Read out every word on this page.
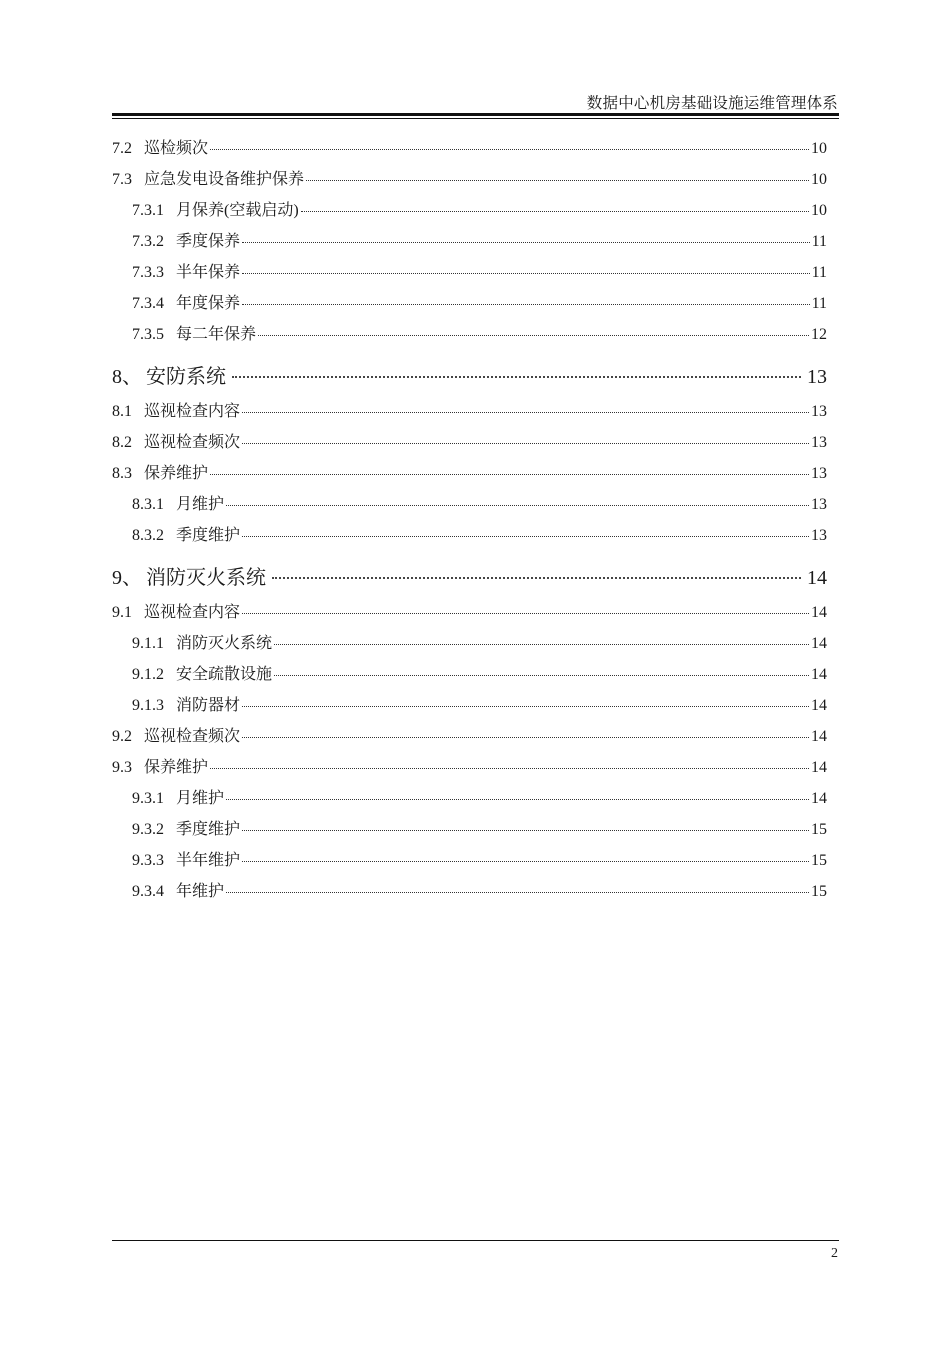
数据中心机房基础设施运维管理体系
7.2 巡检频次	10
7.3 应急发电设备维护保养	10
7.3.1 月保养(空载启动)	10
7.3.2 季度保养	11
7.3.3 半年保养	11
7.3.4 年度保养	11
7.3.5 每二年保养	12
8、 安防系统	13
8.1 巡视检查内容	13
8.2 巡视检查频次	13
8.3 保养维护	13
8.3.1 月维护	13
8.3.2 季度维护	13
9、 消防灭火系统	14
9.1 巡视检查内容	14
9.1.1 消防灭火系统	14
9.1.2 安全疏散设施	14
9.1.3 消防器材	14
9.2 巡视检查频次	14
9.3 保养维护	14
9.3.1 月维护	14
9.3.2 季度维护	15
9.3.3 半年维护	15
9.3.4 年维护	15
2
